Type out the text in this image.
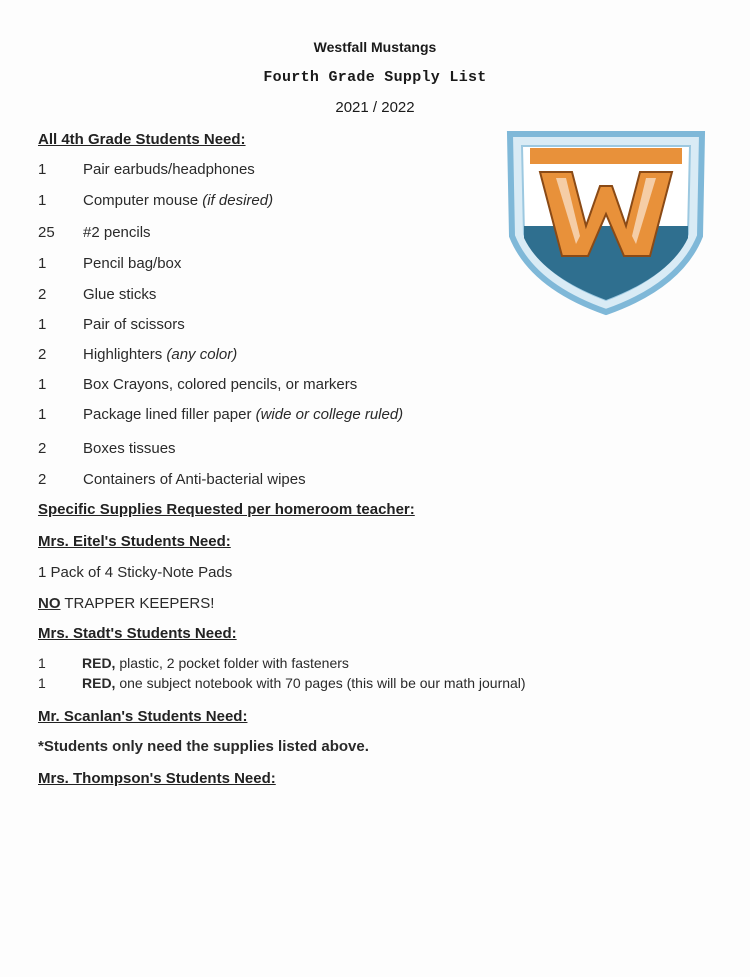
Westfall Mustangs
Fourth Grade Supply List
2021 / 2022
All 4th Grade Students Need:
1 Pair earbuds/headphones
1 Computer mouse (if desired)
25 #2 pencils
1 Pencil bag/box
2 Glue sticks
1 Pair of scissors
2 Highlighters (any color)
1 Box Crayons, colored pencils, or markers
1 Package lined filler paper (wide or college ruled)
2 Boxes tissues
2 Containers of Anti-bacterial wipes
Specific Supplies Requested per homeroom teacher:
Mrs. Eitel's Students Need:
1 Pack of 4 Sticky-Note Pads
NO TRAPPER KEEPERS!
Mrs. Stadt's Students Need:
1	RED, plastic, 2 pocket folder with fasteners
1	RED, one subject notebook with 70 pages (this will be our math journal)
Mr. Scanlan's Students Need:
*Students only need the supplies listed above.
Mrs. Thompson's Students Need:
